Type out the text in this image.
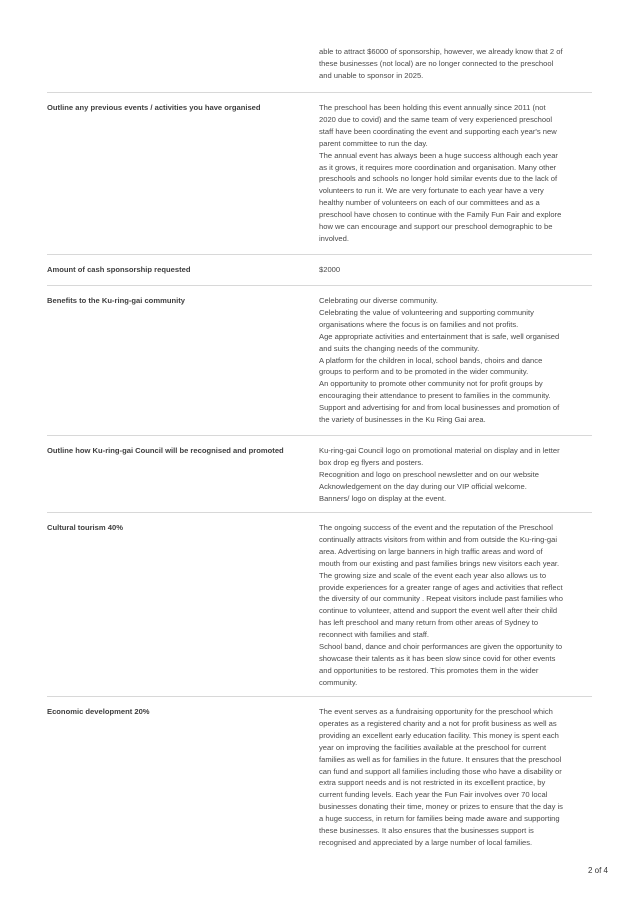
able to attract $6000 of sponsorship, however, we already know that 2 of
these businesses (not local) are no longer connected to the preschool
and unable to sponsor in 2025.
Outline any previous events / activities you have organised	The preschool has been holding this event annually since 2011 (not
2020 due to covid) and the same team of very experienced preschool
staff have been coordinating the event and supporting each year's new
parent committee to run the day.
The annual event has always been a huge success although each year
as it grows, it requires more coordination and organisation. Many other
preschools and schools no longer hold similar events due to the lack of
volunteers to run it. We are very fortunate to each year have a very
healthy number of volunteers on each of our committees and as a
preschool have chosen to continue with the Family Fun Fair and explore
how we can encourage and support our preschool demographic to be
involved.
Amount of cash sponsorship requested	$2000
Benefits to the Ku-ring-gai community	Celebrating our diverse community.
Celebrating the value of volunteering and supporting community
organisations where the focus is on families and not profits.
Age appropriate activities and entertainment that is safe, well organised
and suits the changing needs of the community.
A platform for the children in local, school bands, choirs and dance
groups to perform and to be promoted in the wider community.
An opportunity to promote other community not for profit groups by
encouraging their attendance to present to families in the community.
Support and advertising for and from local businesses and promotion of
the variety of businesses in the Ku Ring Gai area.
Outline how Ku-ring-gai Council will be recognised and promoted	Ku-ring-gai Council logo on promotional material on display and in letter
box drop eg flyers and posters.
Recognition and logo on preschool newsletter and on our website
Acknowledgement on the day during our VIP official welcome.
Banners/ logo on display at the event.
Cultural tourism 40%	The ongoing success of the event and the reputation of the Preschool
continually attracts visitors from within and from outside the Ku-ring-gai
area. Advertising on large banners in high traffic areas and word of
mouth from our existing and past families brings new visitors each year.
The growing size and scale of the event each year also allows us to
provide experiences for a greater range of ages and activities that reflect
the diversity of our community . Repeat visitors include past families who
continue to volunteer, attend and support the event well after their child
has left preschool and many return from other areas of Sydney to
reconnect with families and staff.
School band, dance and choir performances are given the opportunity to
showcase their talents as it has been slow since covid for other events
and opportunities to be restored. This promotes them in the wider
community.
Economic development 20%	The event serves as a fundraising opportunity for the preschool which
operates as a registered charity and a not for profit business as well as
providing an excellent early education facility. This money is spent each
year on improving the facilities available at the preschool for current
families as well as for families in the future. It ensures that the preschool
can fund and support all families including those who have a disability or
extra support needs and is not restricted in its excellent practice, by
current funding levels. Each year the Fun Fair involves over 70 local
businesses donating their time, money or prizes to ensure that the day is
a huge success, in return for families being made aware and supporting
these businesses. It also ensures that the businesses support is
recognised and appreciated by a large number of local families.
2 of 4
